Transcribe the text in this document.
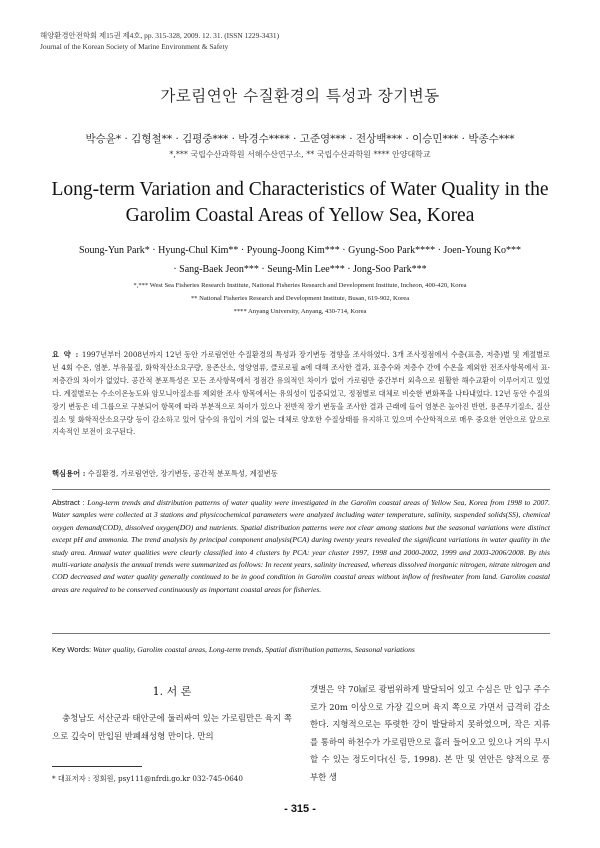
해양환경안전학회 제15권 제4호, pp. 315-328, 2009. 12. 31. (ISSN 1229-3431)
Journal of the Korean Society of Marine Environment & Safety
가로림연안 수질환경의 특성과 장기변동
박승윤* · 김형철** · 김평중*** · 박경수**** · 고준영*** · 전상백*** · 이승민*** · 박종수***
*,*** 국립수산과학원 서해수산연구소, ** 국립수산과학원 **** 안양대학교
Long-term Variation and Characteristics of Water Quality in the Garolim Coastal Areas of Yellow Sea, Korea
Soung-Yun Park* · Hyung-Chul Kim** · Pyoung-Joong Kim*** · Gyung-Soo Park**** · Joen-Young Ko***
· Sang-Baek Jeon*** · Seung-Min Lee*** · Jong-Soo Park***
*,*** West Sea Fisheries Research Institute, National Fisheries Research and Development Institute, Incheon, 400-420, Korea
** National Fisheries Research and Development Institute, Busan, 619-902, Korea
**** Anyang University, Anyang, 430-714, Korea
요 약 : 1997년부터 2008년까지 12년 동안 가로림연안 수질환경의 특성과 장기변동 경향을 조사하였다. 3개 조사정점에서 수층(표층, 저층)별 및 계절별로 년 4회 수온, 염분, 부유물질, 화학적산소요구량, 용존산소, 영양염류, 클로로필 a에 대해 조사한 결과, 표층수와 저층수 간에 수온을 제외한 전조사항목에서 표·저층간의 차이가 없었다. 공간적 분포특성은 모든 조사항목에서 정점간 유의적인 차이가 없어 가로림만 중간부터 외측으로 원활한 해수교환이 이루어지고 있었다. 계절별로는 수소이온농도와 암모니아질소를 제외한 조사 항목에서는 유의성이 입증되었고, 정점별로 대체로 비슷한 변화폭을 나타내었다. 12년 동안 수질의 장기 변동은 네 그룹으로 구분되어 항목에 따라 부분적으로 차이가 있으나 전반적 장기 변동을 조사한 결과 근래에 들어 염분은 높아진 반면, 용존무기질소, 질산질소 및 화학적산소요구량 등이 감소하고 있어 담수의 유입이 거의 없는 대체로 양호한 수질상태를 유지하고 있으며 수산학적으로 매우 중요한 연안으로 앞으로 지속적인 보전이 요구된다.
핵심용어 : 수질환경, 가로림연안, 장기변동, 공간적 분포특성, 계절변동
Abstract : Long-term trends and distribution patterns of water quality were investigated in the Garolim coastal areas of Yellow Sea, Korea from 1998 to 2007. Water samples were collected at 3 stations and physicochemical parameters were analyzed including water temperature, salinity, suspended solids(SS), chemical oxygen demand(COD), dissolved oxygen(DO) and nutrients. Spatial distribution patterns were not clear among stations but the seasonal variations were distinct except pH and ammonia. The trend analysis by principal component analysis(PCA) during twenty years revealed the significant variations in water quality in the study area. Annual water qualities were clearly classified into 4 clusters by PCA: year cluster 1997, 1998 and 2000-2002, 1999 and 2003-2006/2008. By this multi-variate analysis the annual trends were summarized as follows: In recent years, salinity increased, whereas dissolved inorganic nitrogen, nitrate nitrogen and COD decreased and water quality generally continued to be in good condition in Garolim coastal areas without inflow of freshwater from land. Garolim coastal areas are required to be conserved continuously as important coastal areas for fisheries.
Key Words: Water quality, Garolim coastal areas, Long-term trends, Spatial distribution patterns, Seasonal variations
1. 서 론
충청남도 서산군과 태안군에 둘러싸여 있는 가로림만은 육지 쪽으로 깊숙이 만입된 반폐쇄성형 만이다. 만의
갯벌은 약 70㎢로 광범위하게 발달되어 있고 수심은 만 입구 주수로가 20m 이상으로 가장 깊으며 육지 쪽으로 가면서 급격히 감소한다. 지형적으로는 뚜렷한 강이 발달하지 못하였으며, 작은 지류를 통하여 하천수가 가로림만으로 흘러 들어오고 있으나 거의 무시 할 수 있는 정도이다(신 등, 1998). 본 만 및 연안은 양적으로 풍부한 생
* 대표저자 : 정회원, psy111@nfrdi.go.kr 032-745-0640
- 315 -
